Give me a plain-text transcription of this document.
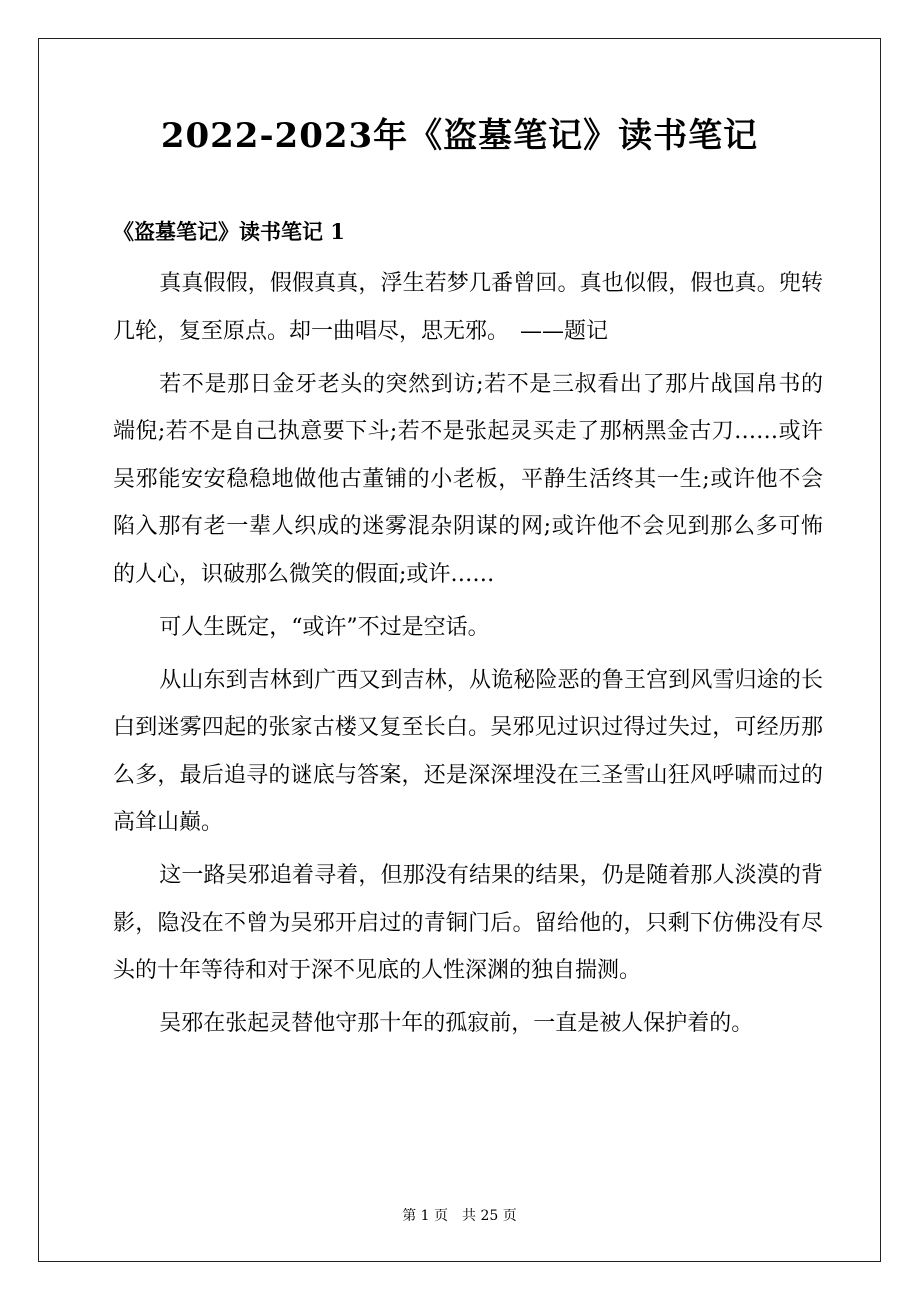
2022-2023年《盗墓笔记》读书笔记
《盗墓笔记》读书笔记 1

真真假假，假假真真，浮生若梦几番曾回。真也似假，假也真。兜转几轮，复至原点。却一曲唱尽，思无邪。　——题记

若不是那日金牙老头的突然到访;若不是三叔看出了那片战国帛书的端倪;若不是自己执意要下斗;若不是张起灵买走了那柄黑金古刀……或许吴邪能安安稳稳地做他古董铺的小老板，平静生活终其一生;或许他不会陷入那有老一辈人织成的迷雾混杂阴谋的网;或许他不会见到那么多可怖的人心，识破那么微笑的假面;或许……

可人生既定，“或许”不过是空话。

从山东到吉林到广西又到吉林，从诡秘险恶的鲁王宫到风雪归途的长白到迷雾四起的张家古楼又复至长白。吴邪见过识过得过失过，可经历那么多，最后追寻的谜底与答案，还是深深埋没在三圣雪山狂风呼啸而过的高耸山巅。

这一路吴邪追着寻着，但那没有结果的结果，仍是随着那人淡漠的背影，隐没在不曾为吴邪开启过的青铜门后。留给他的，只剩下仿佛没有尽头的十年等待和对于深不见底的人性深渊的独自揣测。

吴邪在张起灵替他守那十年的孤寂前，一直是被人保护着的。

第 1 页 共 25 页
